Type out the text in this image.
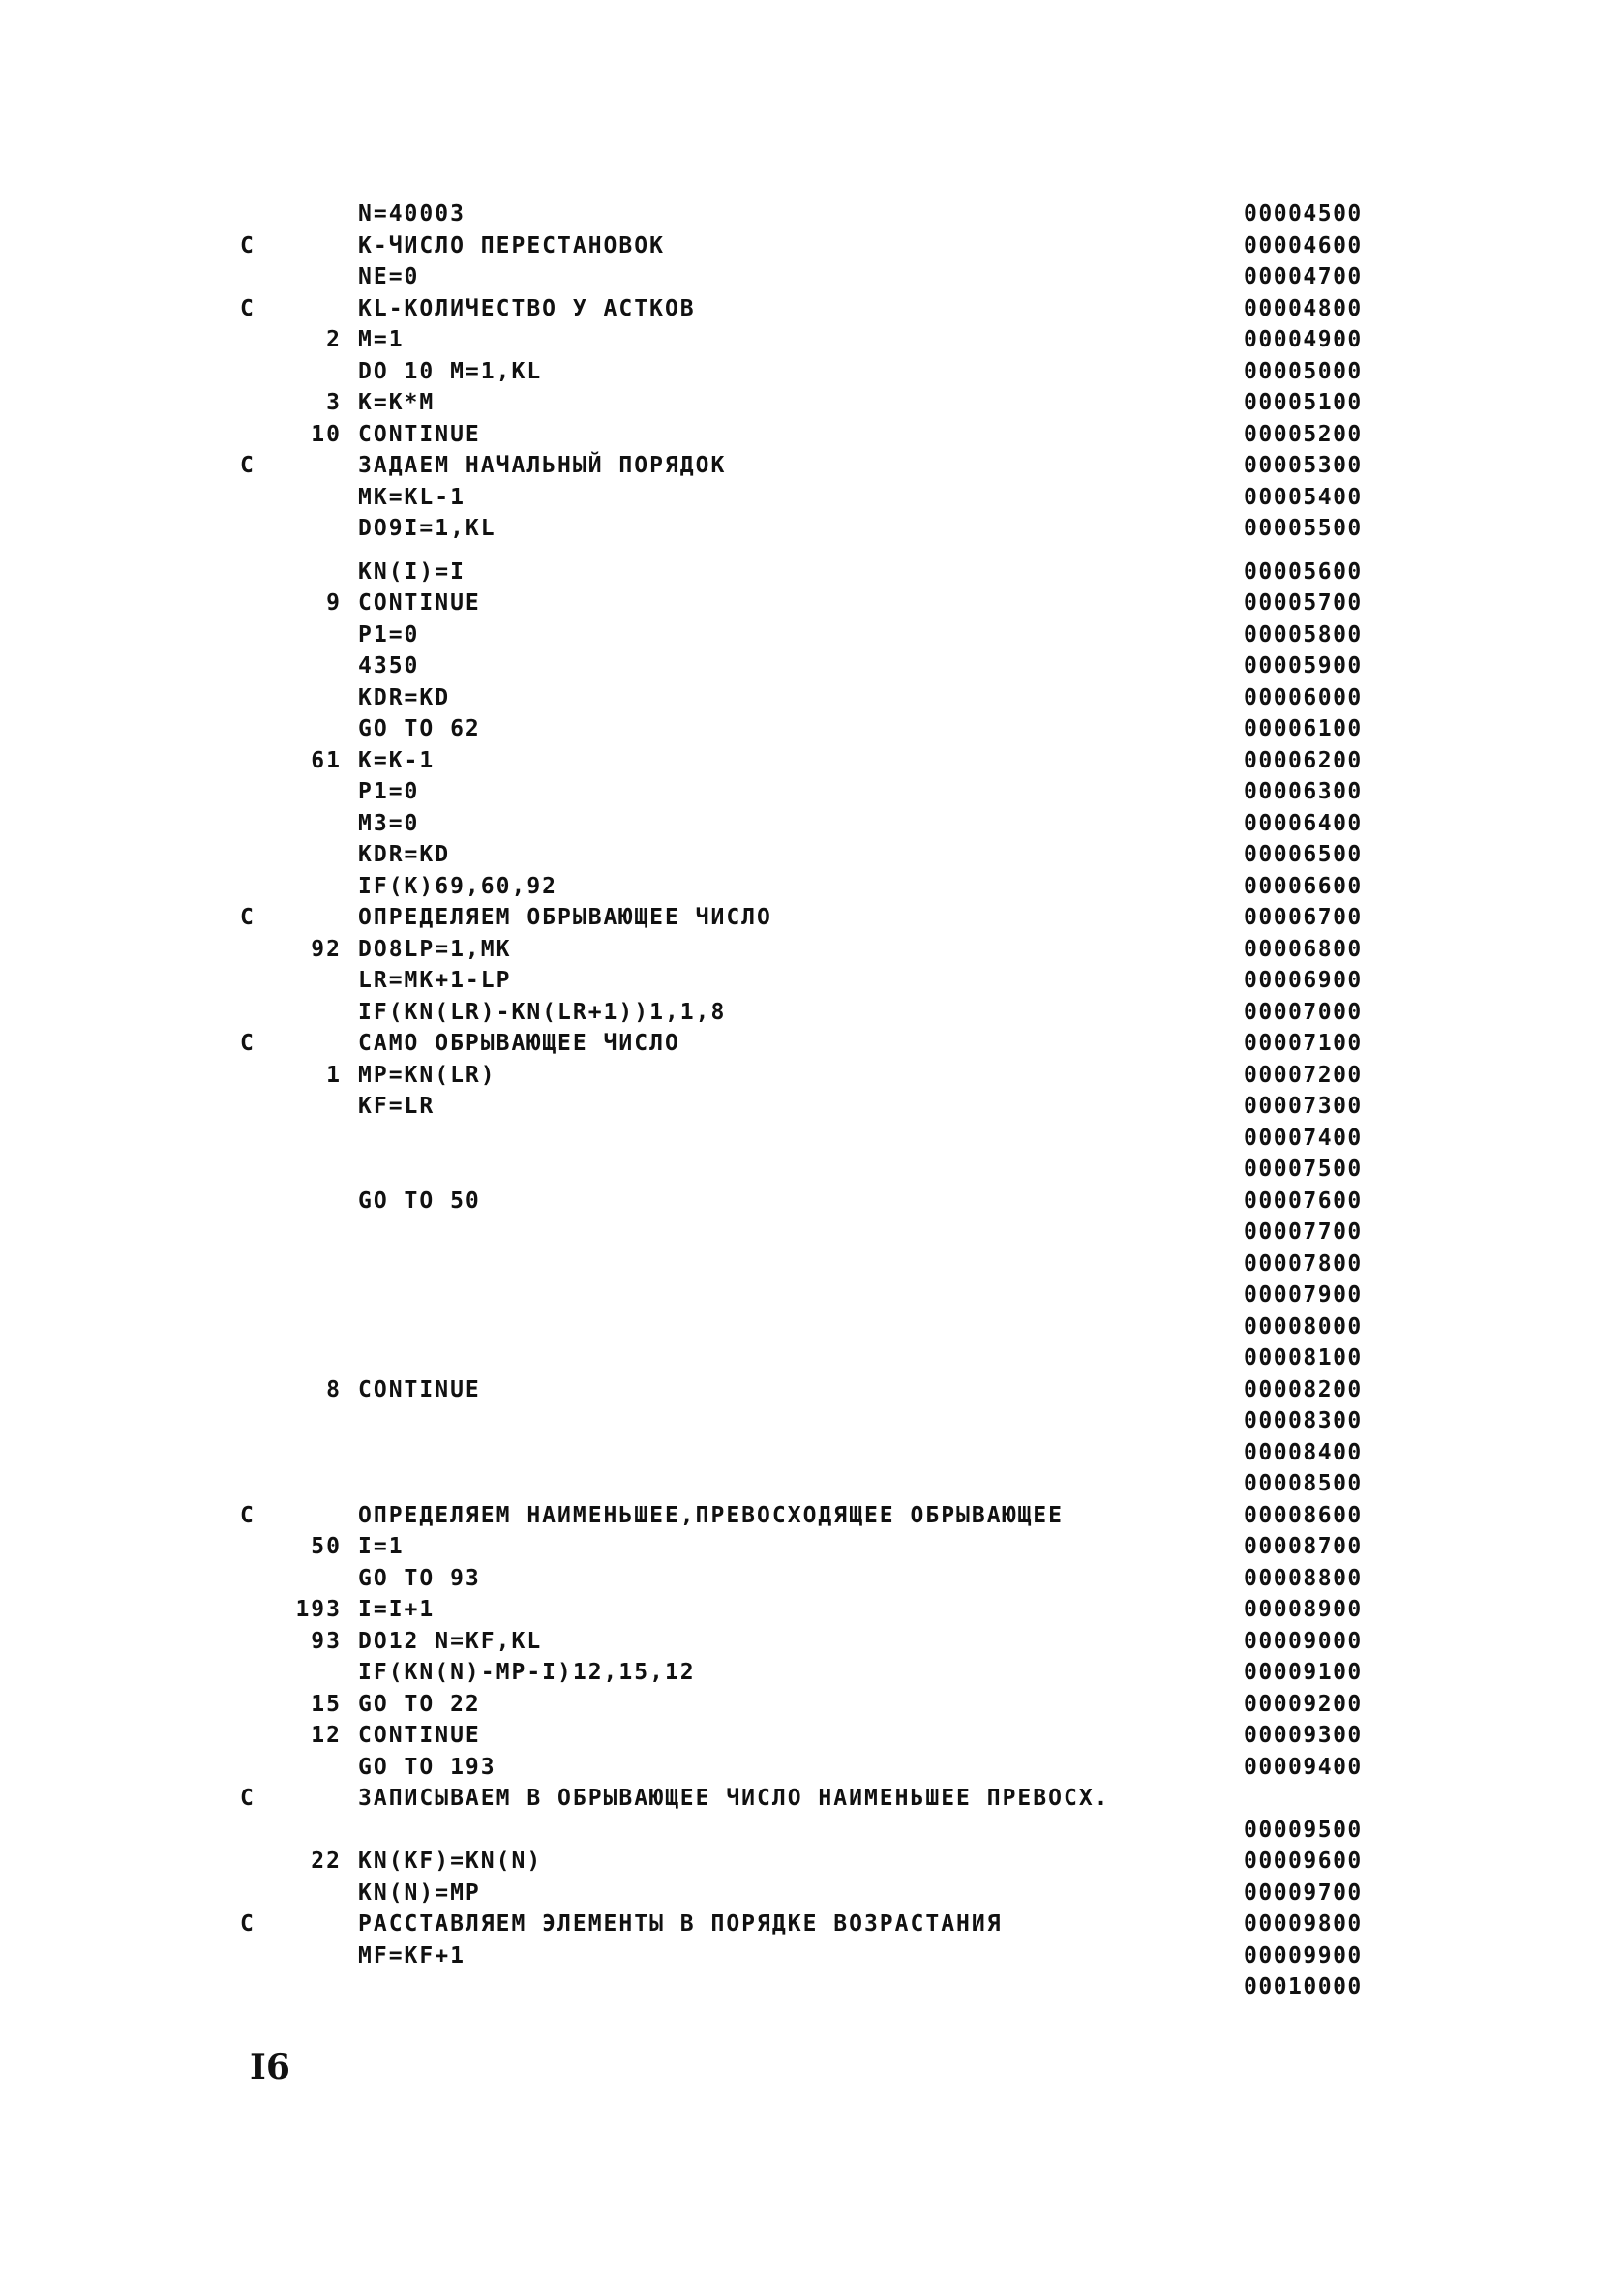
N=40003	00004500
C	K-ЧИСЛО ПЕРЕСТАНОВОК	00004600
NE=0	00004700
C	KL-КОЛИЧЕСТВО У АСТКОВ	00004800
2 M=1	00004900
DO 10 M=1,KL	00005000
3 K=K*M	00005100
10 CONTINUE	00005200
C	ЗАДАЕМ НАЧАЛЬНЫЙ ПОРЯДОК	00005300
MK=KL-1	00005400
DO9I=1,KL	00005500
KN(I)=I	00005600
9 CONTINUE	00005700
P1=0	00005800
4350	00005900
KDR=KD	00006000
GO TO 62	00006100
61 K=K-1	00006200
P1=0	00006300
M3=0	00006400
KDR=KD	00006500
IF(K)69,60,92	00006600
C	ОПРЕДЕЛЯЕМ ОБРЫВАЮЩЕЕ ЧИСЛО	00006700
92 DO8LP=1,MK	00006800
LR=MK+1-LP	00006900
IF(KN(LR)-KN(LR+1))1,1,8	00007000
C	САМО ОБРЫВАЮЩЕЕ ЧИСЛО	00007100
1 MP=KN(LR)	00007200
KF=LR	00007300
00007400
00007500
GO TO 50	00007600
00007700
00007800
00007900
00008000
00008100
8 CONTINUE	00008200
00008300
00008400
00008500
C	ОПРЕДЕЛЯЕМ НАИМЕНЬШЕЕ,ПРЕВОСХОДЯЩЕЕ ОБРЫВАЮЩЕЕ	00008600
50 I=1	00008700
GO TO 93	00008800
193 I=I+1	00008900
93 DO12 N=KF,KL	00009000
IF(KN(N)-MP-I)12,15,12	00009100
15 GO TO 22	00009200
12 CONTINUE	00009300
GO TO 193	00009400
C	ЗАПИСЫВАЕМ В ОБРЫВАЮЩЕЕ ЧИСЛО НАИМЕНЬШЕЕ ПРЕВОСХ.
00009500
22 KN(KF)=KN(N)	00009600
KN(N)=MP	00009700
C	РАССТАВЛЯЕМ ЭЛЕМЕНТЫ В ПОРЯДКЕ ВОЗРАСТАНИЯ	00009800
MF=KF+1	00009900
00010000
I6
